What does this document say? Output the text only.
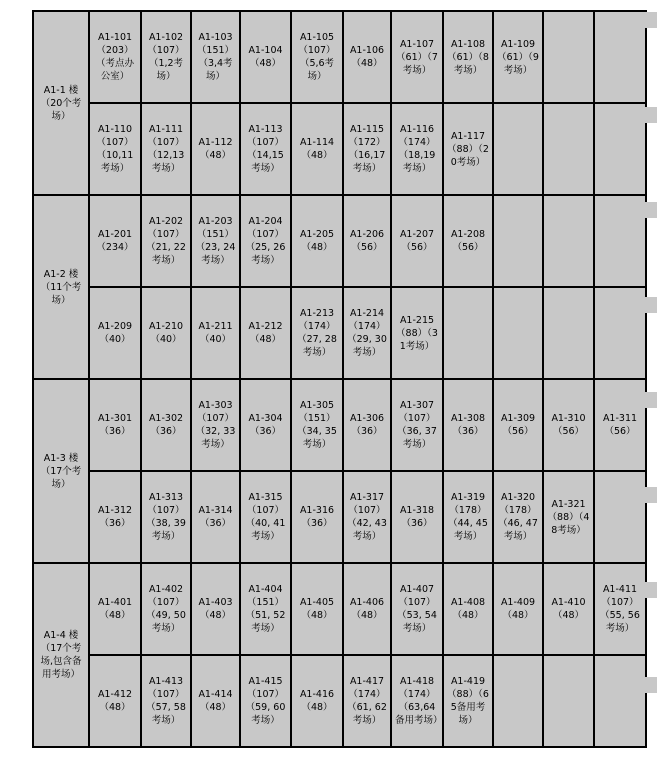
A1-1 楼（20个考场）	A1-101（203）（考点办公室）	A1-102（107）（1,2考场）	A1-103（151）（3,4考场）	A1-104（48）	A1-105（107）（5,6考场）	A1-106（48）	A1-107（61）（7考场）	A1-108（61）（8考场）	A1-109（61）（9考场）		
	A1-110（107）（10,11考场）	A1-111（107）（12,13考场）	A1-112（48）	A1-113（107）（14,15考场）	A1-114（48）	A1-115（172）（16,17考场）	A1-116（174）（18,19考场）	A1-117（88）（20考场）			
A1-2 楼（11个考场）	A1-201（234）	A1-202（107）（21, 22考场）	A1-203（151）（23, 24考场）	A1-204（107）（25, 26考场）	A1-205（48）	A1-206（56）	A1-207（56）	A1-208（56）			
	A1-209（40）	A1-210（40）	A1-211（40）	A1-212（48）	A1-213（174）（27, 28考场）	A1-214（174）（29, 30考场）	A1-215（88）（31考场）				
A1-3 楼（17个考场）	A1-301（36）	A1-302（36）	A1-303（107）（32, 33考场）	A1-304（36）	A1-305（151）（34, 35考场）	A1-306（36）	A1-307（107）（36, 37考场）	A1-308（36）	A1-309（56）	A1-310（56）	A1-311（56）
	A1-312（36）	A1-313（107）（38, 39考场）	A1-314（36）	A1-315（107）（40, 41考场）	A1-316（36）	A1-317（107）（42, 43考场）	A1-318（36）	A1-319（178）（44, 45考场）	A1-320（178）（46, 47考场）	A1-321（88）（48考场）	
A1-4 楼（17个考场,包含备用考场）	A1-401（48）	A1-402（107）（49, 50考场）	A1-403（48）	A1-404（151）（51, 52考场）	A1-405（48）	A1-406（48）	A1-407（107）（53, 54考场）	A1-408（48）	A1-409（48）	A1-410（48）	A1-411（107）（55, 56考场）
	A1-412（48）	A1-413（107）（57, 58考场）	A1-414（48）	A1-415（107）（59, 60考场）	A1-416（48）	A1-417（174）（61, 62考场）	A1-418（174）（63,64备用考场）	A1-419（88）（65备用考场）			
